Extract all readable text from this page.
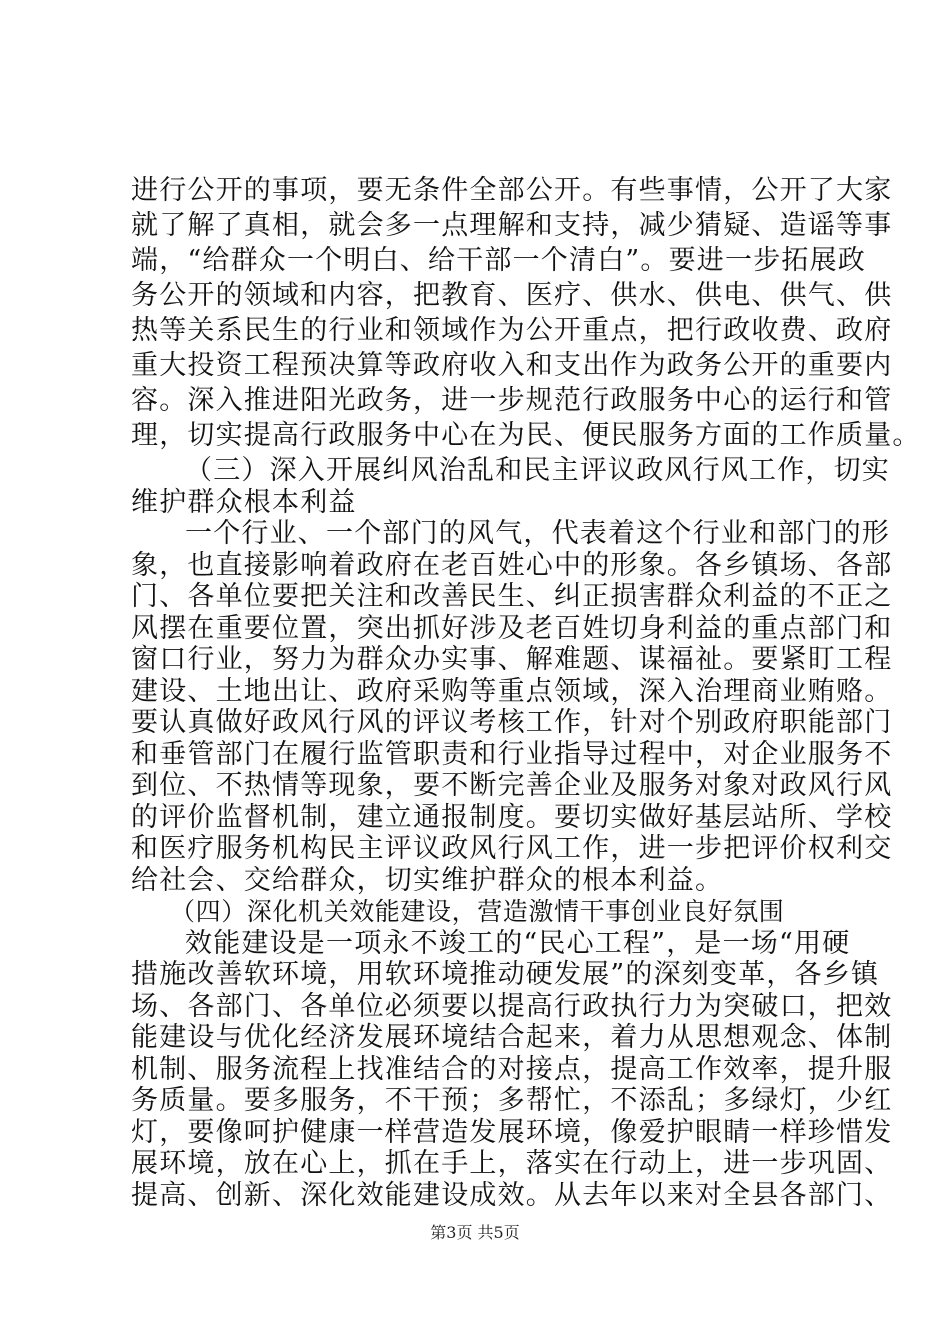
进行公开的事项，要无条件全部公开。有些事情，公开了大家

就了解了真相，就会多一点理解和支持，减少猜疑、造谣等事

端，“给群众一个明白、给干部一个清白”。要进一步拓展政

务公开的领域和内容，把教育、医疗、供水、供电、供气、供

热等关系民生的行业和领域作为公开重点，把行政收费、政府

重大投资工程预决算等政府收入和支出作为政务公开的重要内

容。深入推进阳光政务，进一步规范行政服务中心的运行和管

理，切实提高行政服务中心在为民、便民服务方面的工作质量。

（三）深入开展纠风治乱和民主评议政风行风工作，切实

维护群众根本利益

一个行业、一个部门的风气，代表着这个行业和部门的形

象，也直接影响着政府在老百姓心中的形象。各乡镇场、各部

门、各单位要把关注和改善民生、纠正损害群众利益的不正之

风摆在重要位置，突出抓好涉及老百姓切身利益的重点部门和

窗口行业，努力为群众办实事、解难题、谋福祉。要紧盯工程

建设、土地出让、政府采购等重点领域，深入治理商业贿赂。

要认真做好政风行风的评议考核工作，针对个别政府职能部门

和垂管部门在履行监管职责和行业指导过程中，对企业服务不

到位、不热情等现象，要不断完善企业及服务对象对政风行风

的评价监督机制，建立通报制度。要切实做好基层站所、学校

和医疗服务机构民主评议政风行风工作，进一步把评价权利交

给社会、交给群众，切实维护群众的根本利益。

（四）深化机关效能建设，营造激情干事创业良好氛围

效能建设是一项永不竣工的“民心工程”，是一场“用硬

措施改善软环境，用软环境推动硬发展”的深刻变革，各乡镇

场、各部门、各单位必须要以提高行政执行力为突破口，把效

能建设与优化经济发展环境结合起来，着力从思想观念、体制

机制、服务流程上找准结合的对接点，提高工作效率，提升服

务质量。要多服务，不干预；多帮忙，不添乱；多绿灯，少红

灯，要像呵护健康一样营造发展环境，像爱护眼睛一样珍惜发

展环境，放在心上，抓在手上，落实在行动上，进一步巩固、

提高、创新、深化效能建设成效。从去年以来对全县各部门、

第3页 共5页
